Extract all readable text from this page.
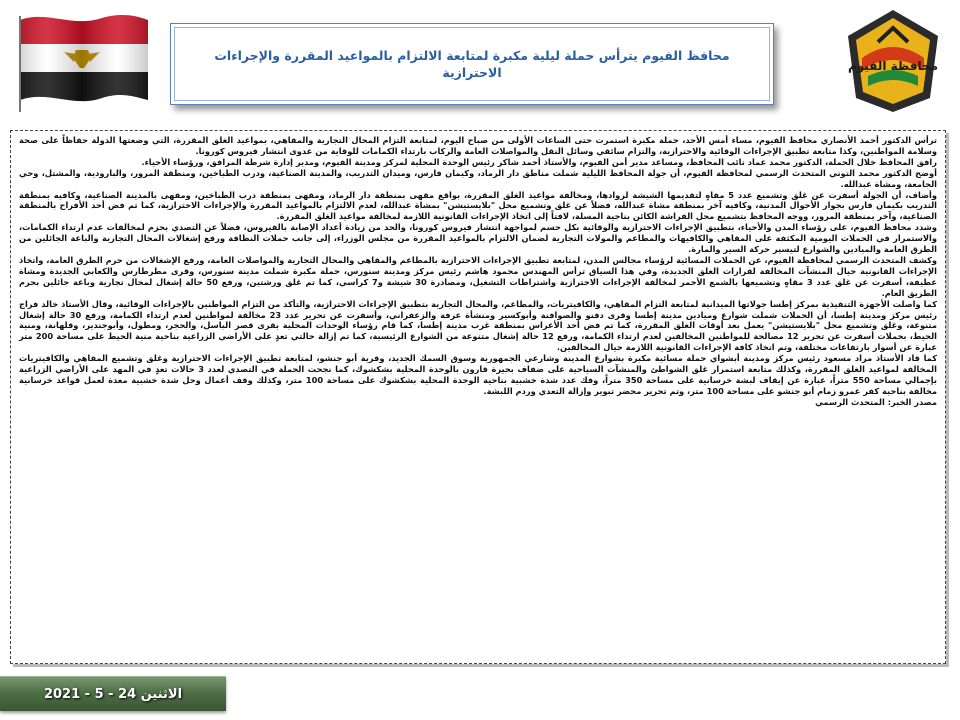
محافظة الفيوم
محافظ الفيوم يترأس حملة ليلية مكبرة لمتابعة الالتزام بالمواعيد المقررة والإجراءات الاحترازية

ترأس الدكتور أحمد الأنصاري محافظ الفيوم، مساء أمس الأحد، حملة مكبرة استمرت حتى الساعات الأولى من صباح اليوم، لمتابعة التزام المحال التجارية والمقاهي، بمواعيد الغلق المقررة، التي وضعتها الدولة حفاظاً على صحة وسلامة المواطنين، وكذا متابعة تطبيق الإجراءات الوقائية والاحترازية، والتزام سائقي وسائل النقل والمواصلات العامة والركاب بارتداء الكمامات للوقاية من عدوى انتشار فيروس كورونا.

رافق المحافظ خلال الحملة، الدكتور محمد عماد نائب المحافظ، ومساعد مدير أمن الفيوم، والأستاذ أحمد شاكر رئيس الوحدة المحلية لمركز ومدينة الفيوم، ومدير إدارة شرطة المرافق، ورؤساء الأحياء.

أوضح الدكتور محمد التوني المتحدث الرسمي لمحافظة الفيوم، أن جولة المحافظ الليلية شملت مناطق دار الرماد، وكيمان فارس، وميدان التدريب، والمدينة الصناعية، ودرب الطباخين، ومنطقة المرور، والبارودية، والمشتل، وحي الجامعة، ومشاة عبدالله.

وأضاف، أن الجولة أسفرت عن غلق وتشميع عدد 5 مقاهٍ لتقديمها الشيشة لروادها، ومخالفة مواعيد الغلق المقررة، بواقع مقهى بمنطقة دار الرماد، ومقهى بمنطقة درب الطباخين، ومقهى بالمدينة الصناعية، وكافيه بمنطقة التدريب بكيمان فارس بجوار الأحوال المدنية، وكافيه آخر بمنطقة مشاة عبدالله، فضلاً عن غلق وتشميع محل "بلايستيشن" بمشاة عبدالله، لعدم الالتزام بالمواعيد المقررة والإجراءات الاحترازية، كما تم فض أحد الأفراح بالمنطقة الصناعية، وآخر بمنطقة المرور، ووجه المحافظ بتشميع محل الفراشة الكائن بناحية المسلة، لافتاً إلى اتخاذ الإجراءات القانونية اللازمة لمخالفة مواعيد الغلق المقررة.

وشدد محافظ الفيوم، على رؤساء المدن والأحياء، بتطبيق الإجراءات الاحترازية والوقائية بكل حسم لمواجهة انتشار فيروس كورونا، والحد من زيادة أعداد الإصابة بالفيروس، فضلاً عن التصدي بحزم لمخالفات عدم ارتداء الكمامات، والاستمرار في الحملات اليومية المكثفة على المقاهي والكافيهات والمطاعم والمولات التجارية لضمان الالتزام بالمواعيد المقررة من مجلس الوزراء، إلى جانب حملات النظافة ورفع إشغالات المحال التجارية والباعة الجائلين من الطرق العامة والميادين والشوارع لتيسير حركة السير والمارة.

وكشف المتحدث الرسمي لمحافظة الفيوم، عن الحملات المسائية لرؤساء مجالس المدن، لمتابعة تطبيق الإجراءات الاحترازية بالمطاعم والمقاهي والمحال التجارية والمواصلات العامة، ورفع الإشغالات من حرم الطرق العامة، واتخاذ الإجراءات القانونية حيال المنشآت المخالفة لقرارات الغلق الجديدة، وفي هذا السياق ترأس المهندس محمود هاشم رئيس مركز ومدينة سنورس، حملة مكبرة شملت مدينة سنورس، وقرى مطرطارس والكعابي الجديدة ومشاة عطيفة، أسفرت عن غلق عدد 3 مقاهٍ وتشميعها بالشمع الأحمر لمخالفة الإجراءات الاحترازية واشتراطات التشغيل، ومصادرة 30 شيشة و7 كراسي، كما تم غلق ورشتين، ورفع 50 حالة إشغال لمحال تجارية وباعة جائلين بحرم الطريق العام.

كما واصلت الأجهزة التنفيذية بمركز إطسا جولاتها الميدانية لمتابعة التزام المقاهي، والكافيتريات، والمطاعم، والمحال التجارية بتطبيق الإجراءات الاحترازية، والتأكد من التزام المواطنين بالإجراءات الوقائية، وقال الأستاذ خالد فراج رئيس مركز ومدينة إطسا، أن الحملات شملت شوارع وميادين مدينة إطسا وقرى دفنو والصوافنة وأبوكسير ومنشأة عرفة والزعفراني، وأسفرت عن تحرير عدد 23 مخالفة لمواطنين لعدم ارتداء الكمامة، ورفع 30 حالة إشغال متنوعة، وغلق وتشميع محل "بلايستيشن" يعمل بعد أوقات الغلق المقررة، كما تم فض أحد الأعراس بمنطقة غرب مدينة إطسا، كما قام رؤساء الوحدات المحلية بقرى قصر الباسل، والحجر، ومطول، وأبوجندير، وقلهانة، ومنية الحيط، بحملات أسفرت عن تحرير 12 مصالحة للمواطنين المخالفين لعدم ارتداء الكمامة، ورفع 12 حالة إشغال متنوعة من الشوارع الرئيسية، كما تم إزالة حالتي تعدٍ على الأراضي الزراعية بناحية منية الحيط على مساحة 200 متر عبارة عن أسوار بارتفاعات مختلفة، وتم اتخاذ كافة الإجراءات القانونية اللازمة حيال المخالفين.

كما قاد الأستاذ مراد مسعود رئيس مركز ومدينة أبشواي حملة مسائية مكبرة بشوارع المدينة وشارعي الجمهورية وسوق السمك الجديد، وقرية أبو جنشو، لمتابعة تطبيق الإجراءات الاحترازية وغلق وتشميع المقاهي والكافيتريات المخالفة لمواعيد الغلق المقررة، وكذلك متابعة استمرار غلق الشواطئ والمنشآت السياحية على ضفاف بحيرة قارون بالوحدة المحلية بشكشوك، كما نجحت الحملة في التصدي لعدد 3 حالات تعدٍ في المهد على الأراضي الزراعية بإجمالي مساحة 550 متراً، عبارة عن إيقاف لبشة خرسانية على مساحة 350 متراً، وفك عدد شدة خشبية بناحية الوحدة المحلية بشكشوك على مساحة 100 متر، وكذلك وقف أعمال وحل شدة خشبية معدة لعمل قواعد خرسانية مخالفة بناحية كفر عمرو زمام أبو جنشو على مساحة 100 متر، وتم تحرير محضر تبوير وإزالة التعدي وردم اللبشة.

مصدر الخبر: المتحدث الرسمي

الاثنين 24 - 5 - 2021
